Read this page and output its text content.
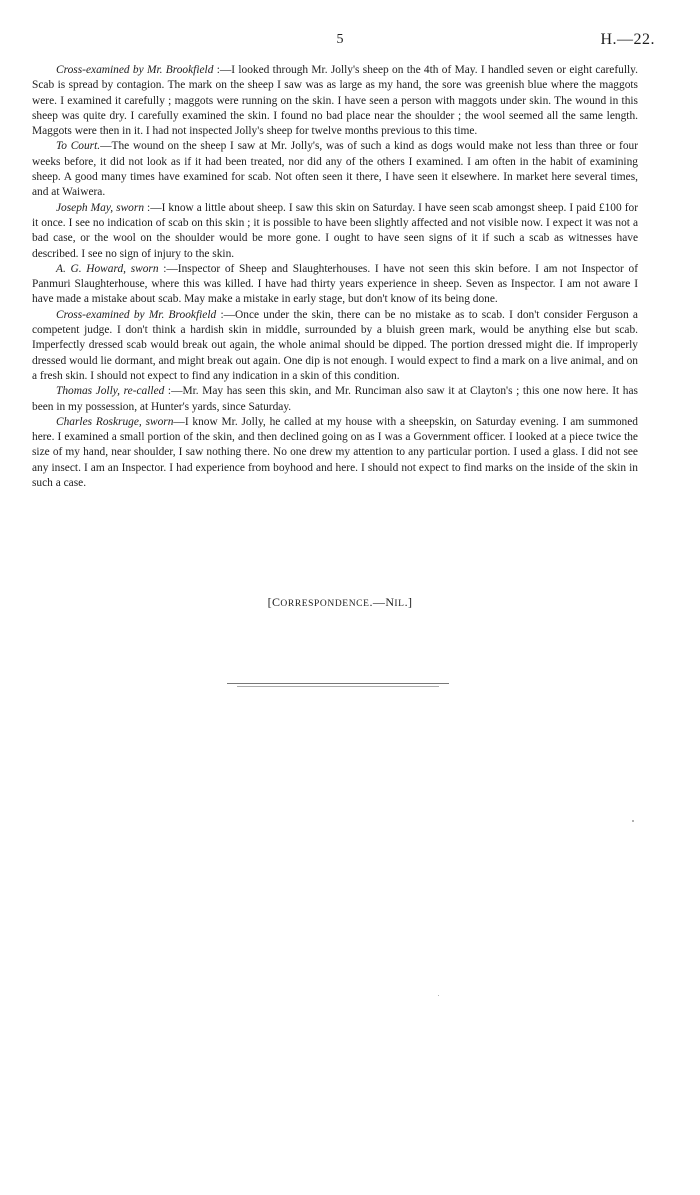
5	H.—22.

Cross-examined by Mr. Brookfield :—I looked through Mr. Jolly's sheep on the 4th of May. I handled seven or eight carefully. Scab is spread by contagion. The mark on the sheep I saw was as large as my hand, the sore was greenish blue where the maggots were. I examined it carefully ; maggots were running on the skin. I have seen a person with maggots under skin. The wound in this sheep was quite dry. I carefully examined the skin. I found no bad place near the shoulder ; the wool seemed all the same length. Maggots were then in it. I had not inspected Jolly's sheep for twelve months previous to this time.

To Court.—The wound on the sheep I saw at Mr. Jolly's, was of such a kind as dogs would make not less than three or four weeks before, it did not look as if it had been treated, nor did any of the others I examined. I am often in the habit of examining sheep. A good many times have examined for scab. Not often seen it there, I have seen it elsewhere. In market here several times, and at Waiwera.

Joseph May, sworn :—I know a little about sheep. I saw this skin on Saturday. I have seen scab amongst sheep. I paid £100 for it once. I see no indication of scab on this skin ; it is possible to have been slightly affected and not visible now. I expect it was not a bad case, or the wool on the shoulder would be more gone. I ought to have seen signs of it if such a scab as witnesses have described. I see no sign of injury to the skin.

A. G. Howard, sworn :—Inspector of Sheep and Slaughterhouses. I have not seen this skin before. I am not Inspector of Panmuri Slaughterhouse, where this was killed. I have had thirty years experience in sheep. Seven as Inspector. I am not aware I have made a mistake about scab. May make a mistake in early stage, but don't know of its being done.

Cross-examined by Mr. Brookfield :—Once under the skin, there can be no mistake as to scab. I don't consider Ferguson a competent judge. I don't think a hardish skin in middle, surrounded by a bluish green mark, would be anything else but scab. Imperfectly dressed scab would break out again, the whole animal should be dipped. The portion dressed might die. If improperly dressed would lie dormant, and might break out again. One dip is not enough. I would expect to find a mark on a live animal, and on a fresh skin. I should not expect to find any indication in a skin of this condition.

Thomas Jolly, re-called :—Mr. May has seen this skin, and Mr. Runciman also saw it at Clayton's ; this one now here. It has been in my possession, at Hunter's yards, since Saturday.

Charles Roskruge, sworn—I know Mr. Jolly, he called at my house with a sheepskin, on Saturday evening. I am summoned here. I examined a small portion of the skin, and then declined going on as I was a Government officer. I looked at a piece twice the size of my hand, near shoulder, I saw nothing there. No one drew my attention to any particular portion. I used a glass. I did not see any insect. I am an Inspector. I had experience from boyhood and here. I should not expect to find marks on the inside of the skin in such a case.

[CORRESPONDENCE.—NIL.]
